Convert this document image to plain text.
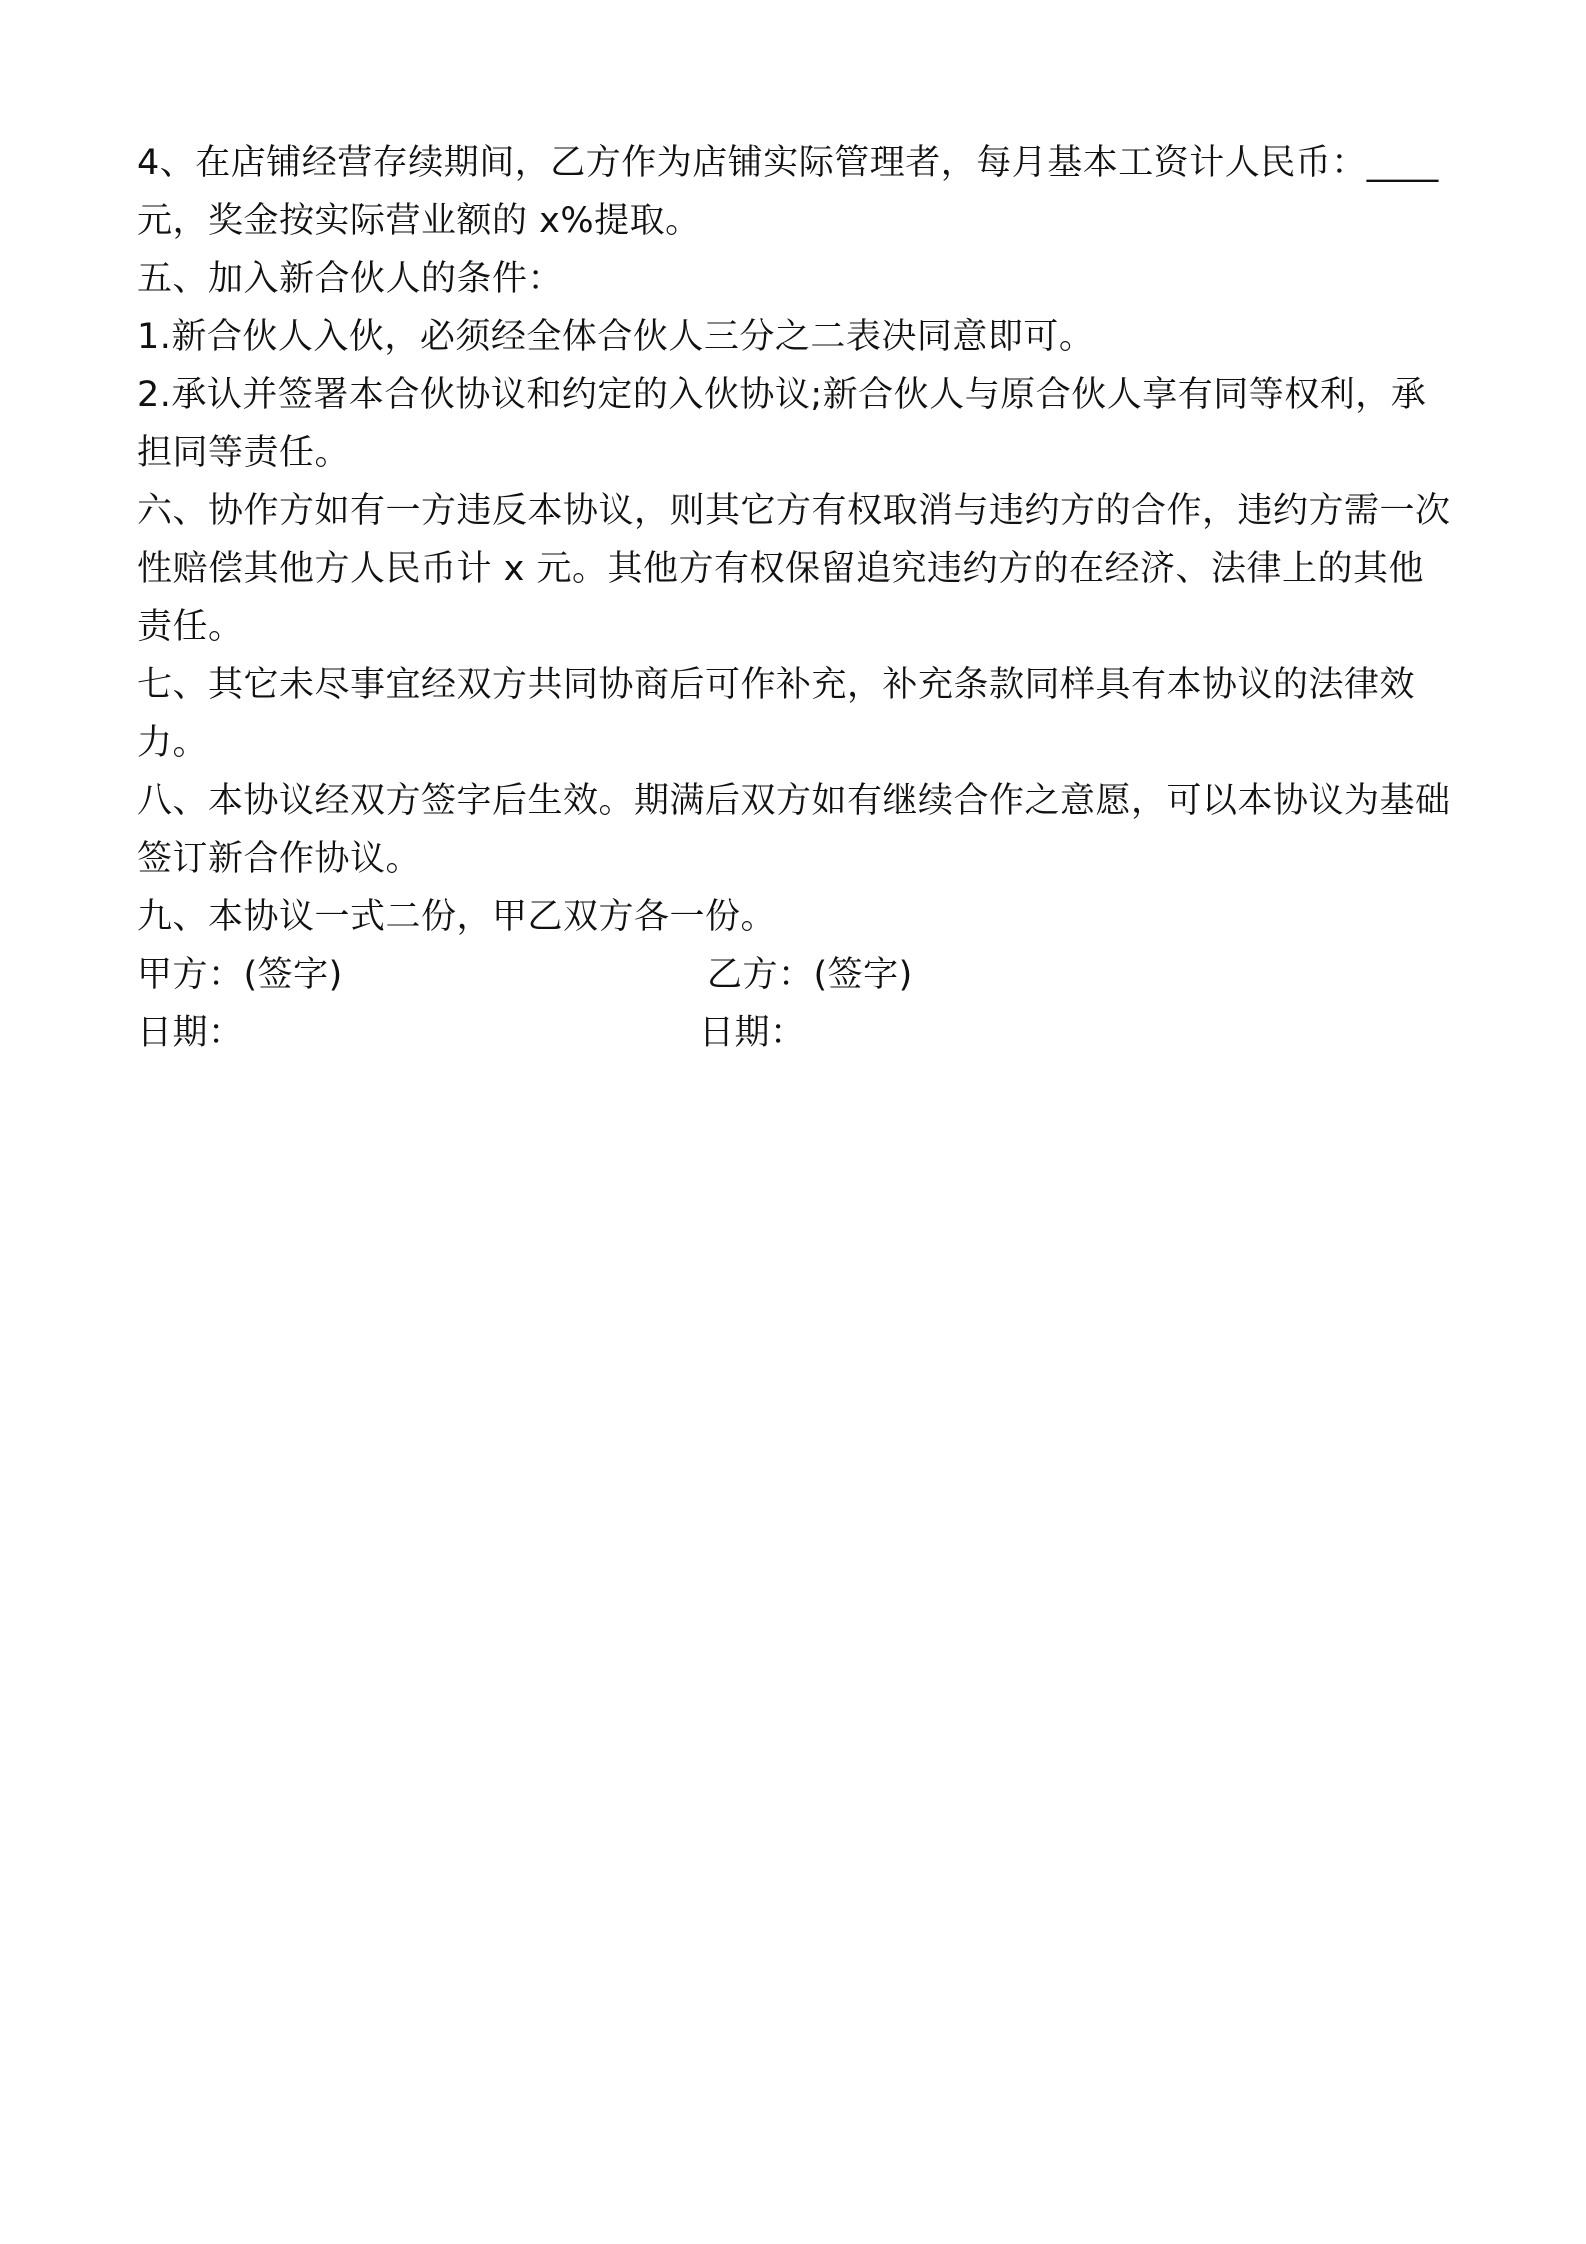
4、在店铺经营存续期间，乙方作为店铺实际管理者，每月基本工资计人民币：____元，奖金按实际营业额的 x%提取。

五、加入新合伙人的条件：

1.新合伙人入伙，必须经全体合伙人三分之二表决同意即可。

2.承认并签署本合伙协议和约定的入伙协议;新合伙人与原合伙人享有同等权利，承担同等责任。

六、协作方如有一方违反本协议，则其它方有权取消与违约方的合作，违约方需一次性赔偿其他方人民币计 x 元。其他方有权保留追究违约方的在经济、法律上的其他责任。

七、其它未尽事宜经双方共同协商后可作补充，补充条款同样具有本协议的法律效力。

八、本协议经双方签字后生效。期满后双方如有继续合作之意愿，可以本协议为基础签订新合作协议。

九、本协议一式二份，甲乙双方各一份。

甲方：(签字)	乙方：(签字)
日期：	日期：
